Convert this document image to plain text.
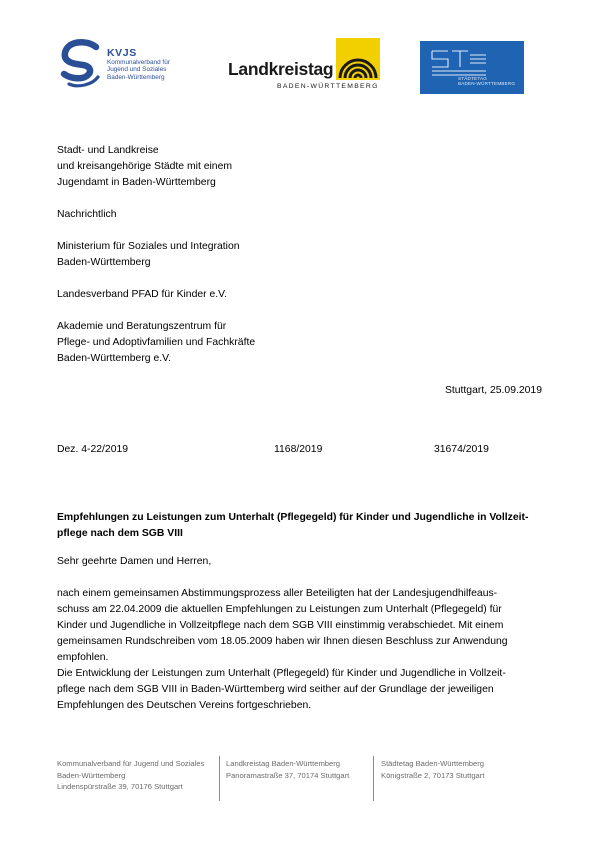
KVJS
Kommunalverband für
Jugend und Soziales
Baden-Württemberg	Landkreistag
BADEN-WÜRTTEMBERG
STÄDTETAG
BADEN-WÜRTTEMBERG
Stadt- und Landkreise
und kreisangehörige Städte mit einem
Jugendamt in Baden-Württemberg
Nachrichtlich
Ministerium für Soziales und Integration
Baden-Württemberg
Landesverband PFAD für Kinder e.V.
Akademie und Beratungszentrum für
Pflege- und Adoptivfamilien und Fachkräfte
Baden-Württemberg e.V.
Stuttgart, 25.09.2019
Dez. 4-22/2019	1168/2019	31674/2019
Empfehlungen zu Leistungen zum Unterhalt (Pflegegeld) für Kinder und Jugendliche in Vollzeit-
pflege nach dem SGB VIII
Sehr geehrte Damen und Herren,
nach einem gemeinsamen Abstimmungsprozess aller Beteiligten hat der Landesjugendhilfeaus-
schuss am 22.04.2009 die aktuellen Empfehlungen zu Leistungen zum Unterhalt (Pflegegeld) für
Kinder und Jugendliche in Vollzeitpflege nach dem SGB VIII einstimmig verabschiedet. Mit einem
gemeinsamen Rundschreiben vom 18.05.2009 haben wir Ihnen diesen Beschluss zur Anwendung
empfohlen.
Die Entwicklung der Leistungen zum Unterhalt (Pflegegeld) für Kinder und Jugendliche in Vollzeit-
pflege nach dem SGB VIII in Baden-Württemberg wird seither auf der Grundlage der jeweiligen
Empfehlungen des Deutschen Vereins fortgeschrieben.
Kommunalverband für Jugend und Soziales
Baden-Württemberg
Lindenspürstraße 39, 70176 Stuttgart
Landkreistag Baden-Württemberg
Panoramastraße 37, 70174 Stuttgart
Städtetag Baden-Württemberg
Königstraße 2, 70173 Stuttgart
